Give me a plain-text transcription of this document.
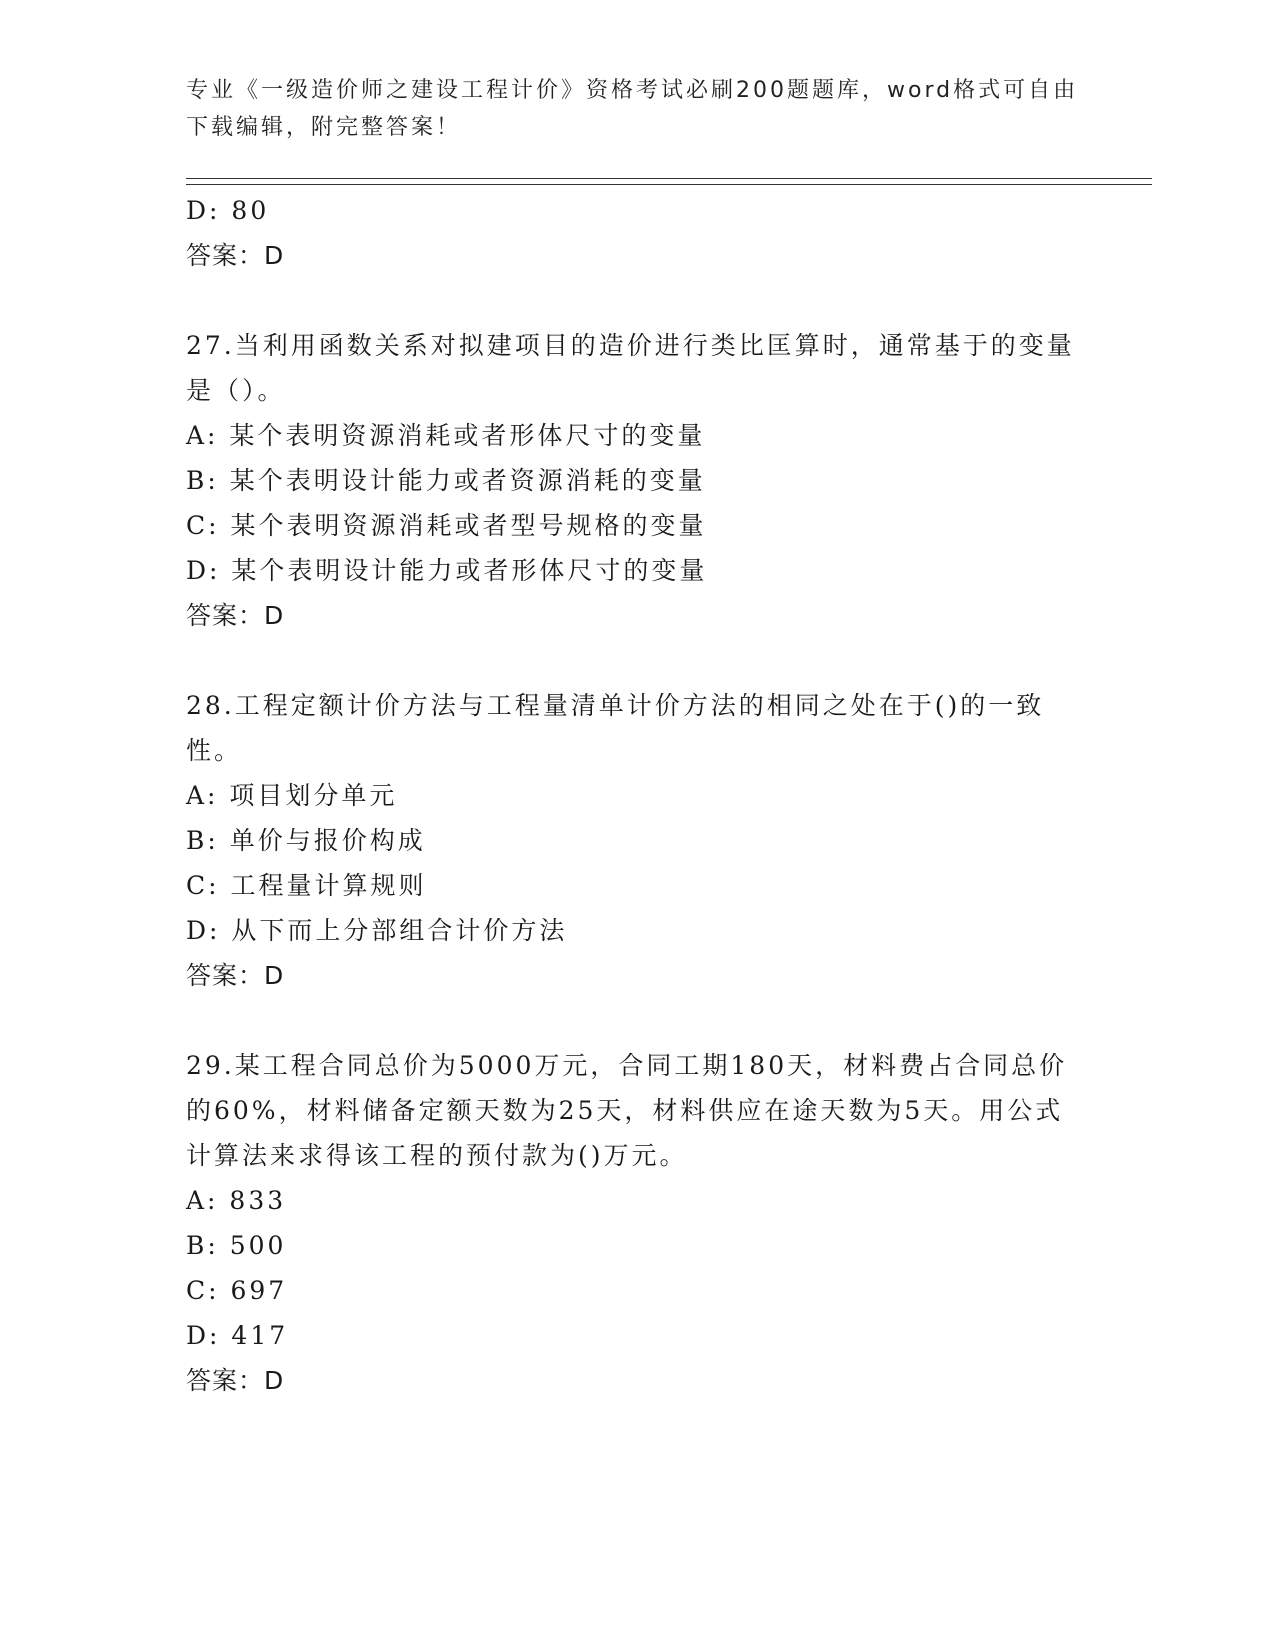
专业《一级造价师之建设工程计价》资格考试必刷200题题库，word格式可自由下载编辑，附完整答案！
D: 80
答案：D
27.当利用函数关系对拟建项目的造价进行类比匡算时，通常基于的变量是（）。
A: 某个表明资源消耗或者形体尺寸的变量
B: 某个表明设计能力或者资源消耗的变量
C: 某个表明资源消耗或者型号规格的变量
D: 某个表明设计能力或者形体尺寸的变量
答案：D
28.工程定额计价方法与工程量清单计价方法的相同之处在于()的一致性。
A: 项目划分单元
B: 单价与报价构成
C: 工程量计算规则
D: 从下而上分部组合计价方法
答案：D
29.某工程合同总价为5000万元，合同工期180天，材料费占合同总价的60%，材料储备定额天数为25天，材料供应在途天数为5天。用公式计算法来求得该工程的预付款为()万元。
A: 833
B: 500
C: 697
D: 417
答案：D
